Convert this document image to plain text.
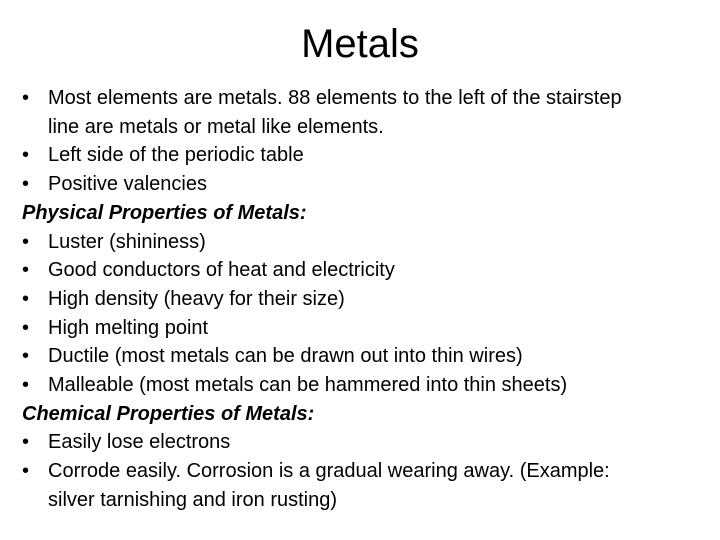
Metals
• Most elements are metals. 88 elements to the left of the stairstep line are metals or metal like elements.
• Left side of the periodic table
• Positive valencies
Physical Properties of Metals:
• Luster (shininess)
• Good conductors of heat and electricity
• High density (heavy for their size)
• High melting point
• Ductile (most metals can be drawn out into thin wires)
• Malleable (most metals can be hammered into thin sheets)
Chemical Properties of Metals:
• Easily lose electrons
• Corrode easily. Corrosion is a gradual wearing away. (Example: silver tarnishing and iron rusting)
